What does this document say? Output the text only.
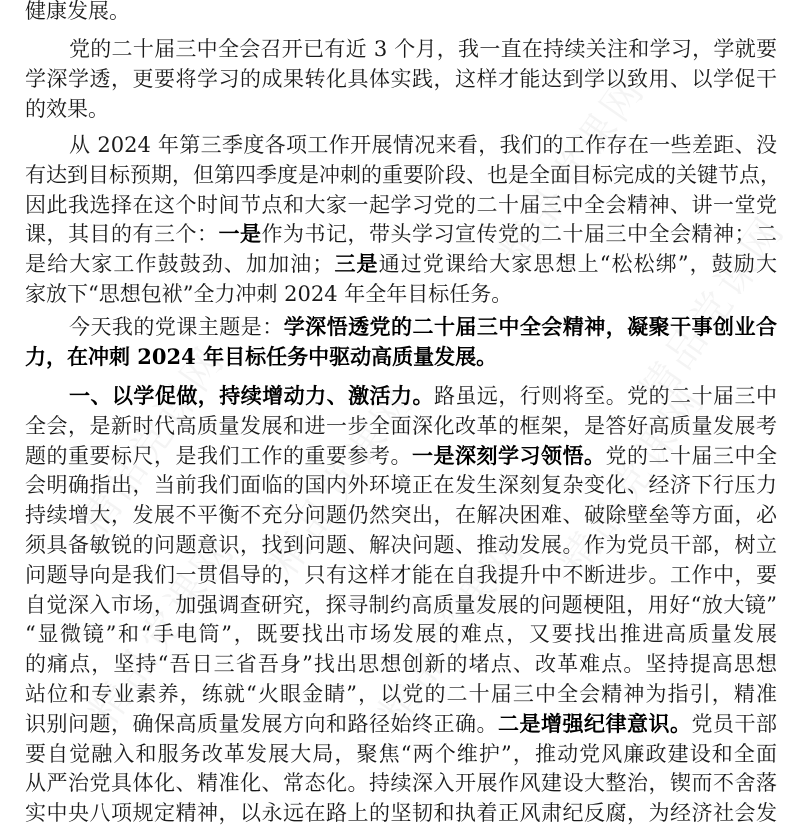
健康发展。
党的二十届三中全会召开已有近 3 个月，我一直在持续关注和学习，学就要
学深学透，更要将学习的成果转化具体实践，这样才能达到学以致用、以学促干
的效果。
从 2024 年第三季度各项工作开展情况来看，我们的工作存在一些差距、没
有达到目标预期，但第四季度是冲刺的重要阶段、也是全面目标完成的关键节点，
因此我选择在这个时间节点和大家一起学习党的二十届三中全会精神、讲一堂党
课，其目的有三个：一是作为书记，带头学习宣传党的二十届三中全会精神；二
是给大家工作鼓鼓劲、加加油；三是通过党课给大家思想上“松松绑”，鼓励大
家放下“思想包袱”全力冲刺 2024 年全年目标任务。
今天我的党课主题是：学深悟透党的二十届三中全会精神，凝聚干事创业合
力，在冲刺 2024 年目标任务中驱动高质量发展。
一、以学促做，持续增动力、激活力。路虽远，行则将至。党的二十届三中
全会，是新时代高质量发展和进一步全面深化改革的框架，是答好高质量发展考
题的重要标尺，是我们工作的重要参考。一是深刻学习领悟。党的二十届三中全
会明确指出，当前我们面临的国内外环境正在发生深刻复杂变化、经济下行压力
持续增大，发展不平衡不充分问题仍然突出，在解决困难、破除壁垒等方面，必
须具备敏锐的问题意识，找到问题、解决问题、推动发展。作为党员干部，树立
问题导向是我们一贯倡导的，只有这样才能在自我提升中不断进步。工作中，要
自觉深入市场，加强调查研究，探寻制约高质量发展的问题梗阻，用好“放大镜”
“显微镜”和“手电筒”，既要找出市场发展的难点，又要找出推进高质量发展
的痛点，坚持“吾日三省吾身”找出思想创新的堵点、改革难点。坚持提高思想
站位和专业素养，练就“火眼金睛”，以党的二十届三中全会精神为指引，精准
识别问题，确保高质量发展方向和路径始终正确。二是增强纪律意识。党员干部
要自觉融入和服务改革发展大局，聚焦“两个维护”，推动党风廉政建设和全面
从严治党具体化、精准化、常态化。持续深入开展作风建设大整治，锲而不舍落
实中央八项规定精神，以永远在路上的坚韧和执着正风肃纪反腐，为经济社会发
